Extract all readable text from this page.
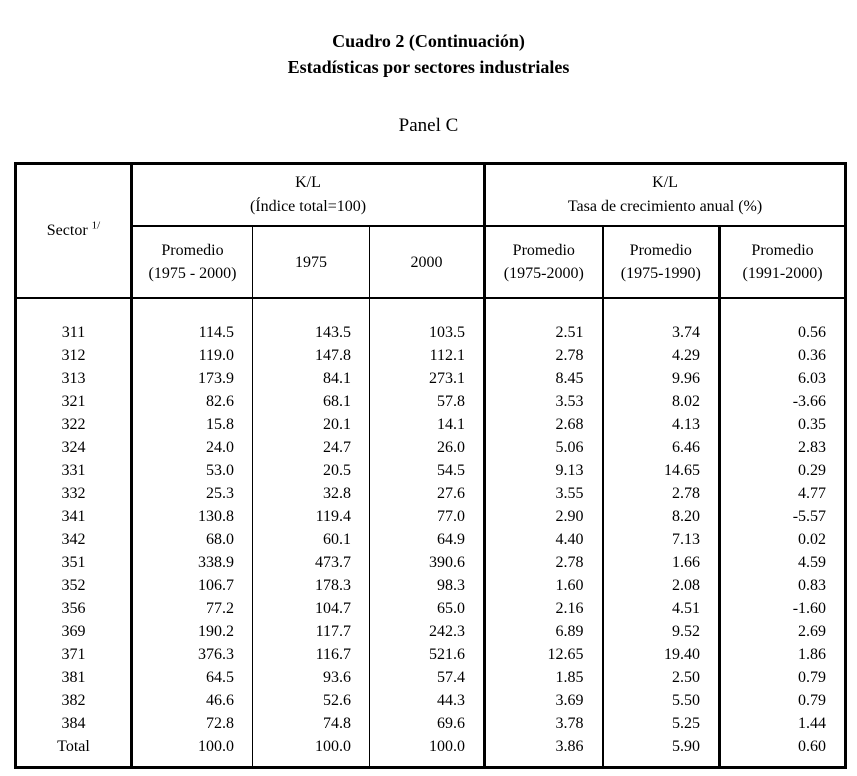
Cuadro 2 (Continuación)
Estadísticas por sectores industriales
Panel C
Sector $^{1/}$	
K/L
(Índice total=100)

K/L
Tasa de crecimiento anual (%)

Promedio
(1975 - 2000)

1975	2000

Promedio
(1975-2000)

Promedio
(1975-1990)

Promedio
(1991-2000)

311	114.5	143.5	103.5	2.51	3.74	0.56
312	119.0	147.8	112.1	2.78	4.29	0.36
313	173.9	84.1	273.1	8.45	9.96	6.03
321	82.6	68.1	57.8	3.53	8.02	-3.66
322	15.8	20.1	14.1	2.68	4.13	0.35
324	24.0	24.7	26.0	5.06	6.46	2.83
331	53.0	20.5	54.5	9.13	14.65	0.29
332	25.3	32.8	27.6	3.55	2.78	4.77
341	130.8	119.4	77.0	2.90	8.20	-5.57
342	68.0	60.1	64.9	4.40	7.13	0.02
351	338.9	473.7	390.6	2.78	1.66	4.59
352	106.7	178.3	98.3	1.60	2.08	0.83
356	77.2	104.7	65.0	2.16	4.51	-1.60
369	190.2	117.7	242.3	6.89	9.52	2.69
371	376.3	116.7	521.6	12.65	19.40	1.86
381	64.5	93.6	57.4	1.85	2.50	0.79
382	46.6	52.6	44.3	3.69	5.50	0.79
384	72.8	74.8	69.6	3.78	5.25	1.44
Total	100.0	100.0	100.0	3.86	5.90	0.60
